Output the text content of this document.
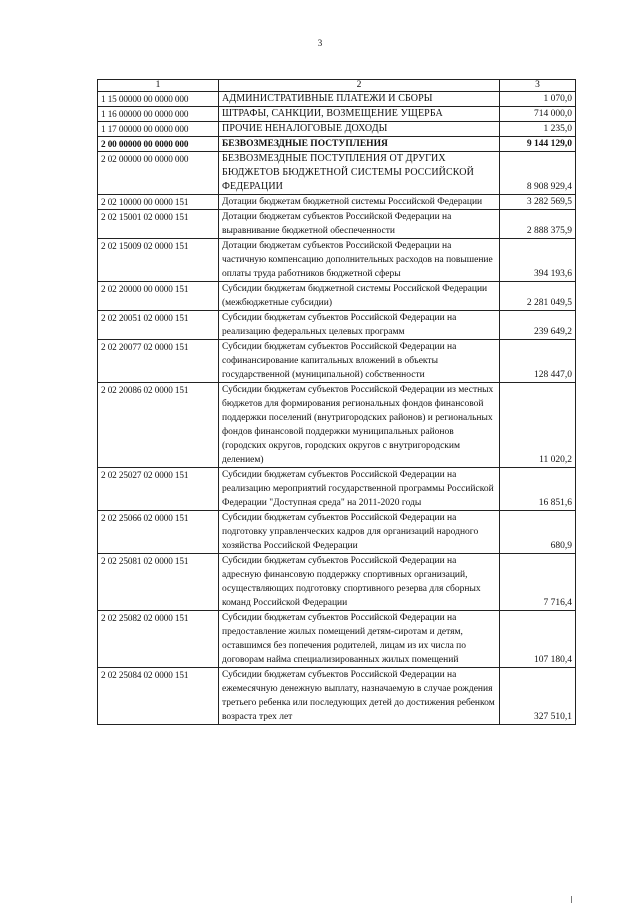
3
1	2	3
1 15 00000 00 0000 000	АДМИНИСТРАТИВНЫЕ ПЛАТЕЖИ И СБОРЫ	1 070,0
1 16 00000 00 0000 000	ШТРАФЫ, САНКЦИИ, ВОЗМЕЩЕНИЕ УЩЕРБА	714 000,0
1 17 00000 00 0000 000	ПРОЧИЕ НЕНАЛОГОВЫЕ ДОХОДЫ	1 235,0
2 00 00000 00 0000 000	БЕЗВОЗМЕЗДНЫЕ ПОСТУПЛЕНИЯ	9 144 129,0
2 02 00000 00 0000 000	БЕЗВОЗМЕЗДНЫЕ ПОСТУПЛЕНИЯ ОТ ДРУГИХ БЮДЖЕТОВ БЮДЖЕТНОЙ СИСТЕМЫ РОССИЙСКОЙ ФЕДЕРАЦИИ	8 908 929,4
2 02 10000 00 0000 151	Дотации бюджетам бюджетной системы Российской Федерации	3 282 569,5
2 02 15001 02 0000 151	Дотации бюджетам субъектов Российской Федерации на выравнивание бюджетной обеспеченности	2 888 375,9
2 02 15009 02 0000 151	Дотации бюджетам субъектов Российской Федерации на частичную компенсацию дополнительных расходов на повышение оплаты труда работников бюджетной сферы	394 193,6
2 02 20000 00 0000 151	Субсидии бюджетам бюджетной системы Российской Федерации (межбюджетные субсидии)	2 281 049,5
2 02 20051 02 0000 151	Субсидии бюджетам субъектов Российской Федерации на реализацию федеральных целевых программ	239 649,2
2 02 20077 02 0000 151	Субсидии бюджетам субъектов Российской Федерации на софинансирование капитальных вложений в объекты государственной (муниципальной) собственности	128 447,0
2 02 20086 02 0000 151	Субсидии бюджетам субъектов Российской Федерации из местных бюджетов для формирования региональных фондов финансовой поддержки поселений (внутригородских районов) и региональных фондов финансовой поддержки муниципальных районов (городских округов, городских округов с внутригородским делением)	11 020,2
2 02 25027 02 0000 151	Субсидии бюджетам субъектов Российской Федерации на реализацию мероприятий государственной программы Российской Федерации "Доступная среда" на 2011-2020 годы	16 851,6
2 02 25066 02 0000 151	Субсидии бюджетам субъектов Российской Федерации на подготовку управленческих кадров для организаций народного хозяйства Российской Федерации	680,9
2 02 25081 02 0000 151	Субсидии бюджетам субъектов Российской Федерации на адресную финансовую поддержку спортивных организаций, осуществляющих подготовку спортивного резерва для сборных команд Российской Федерации	7 716,4
2 02 25082 02 0000 151	Субсидии бюджетам субъектов Российской Федерации на предоставление жилых помещений детям-сиротам и детям, оставшимся без попечения родителей, лицам из их числа по договорам найма специализированных жилых помещений	107 180,4
2 02 25084 02 0000 151	Субсидии бюджетам субъектов Российской Федерации на ежемесячную денежную выплату, назначаемую в случае рождения третьего ребенка или последующих детей до достижения ребенком возраста трех лет	327 510,1
